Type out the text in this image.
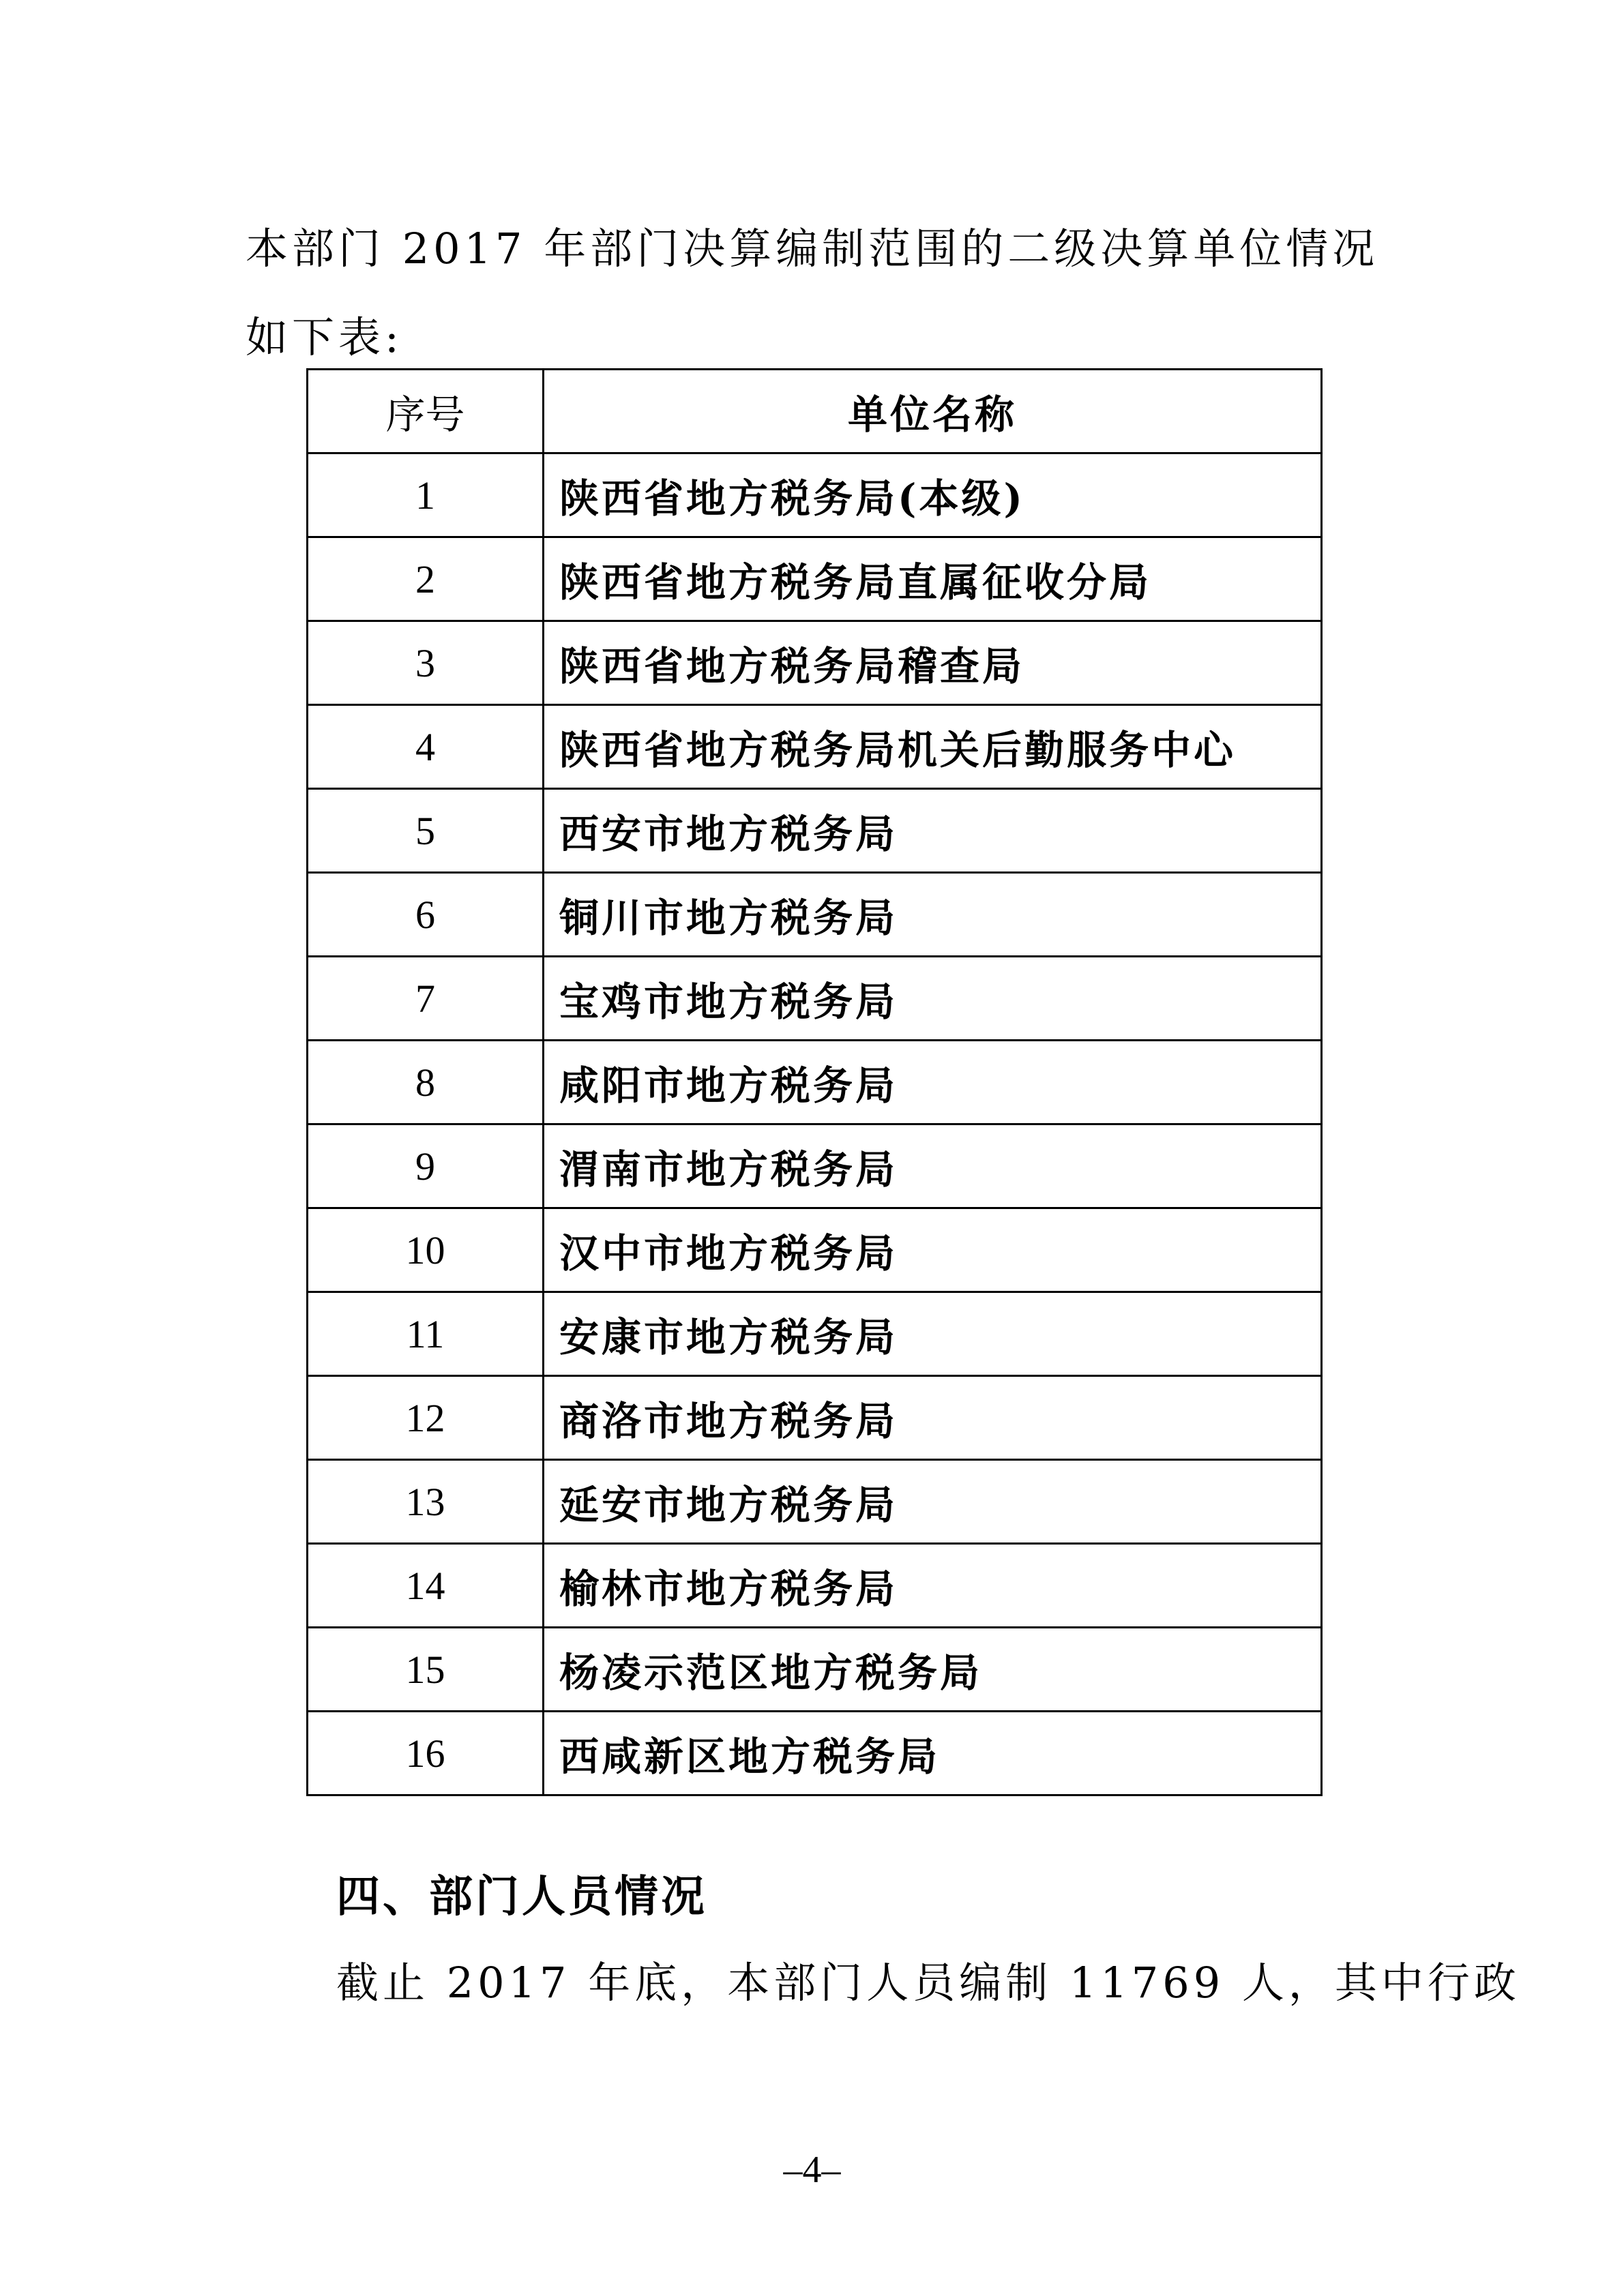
本部门 2017 年部门决算编制范围的二级决算单位情况如下表:

序号	单位名称
1	陕西省地方税务局(本级)
2	陕西省地方税务局直属征收分局
3	陕西省地方税务局稽查局
4	陕西省地方税务局机关后勤服务中心
5	西安市地方税务局
6	铜川市地方税务局
7	宝鸡市地方税务局
8	咸阳市地方税务局
9	渭南市地方税务局
10	汉中市地方税务局
11	安康市地方税务局
12	商洛市地方税务局
13	延安市地方税务局
14	榆林市地方税务局
15	杨凌示范区地方税务局
16	西咸新区地方税务局
四、部门人员情况

截止 2017 年底，本部门人员编制 11769 人，其中行政

–4–
